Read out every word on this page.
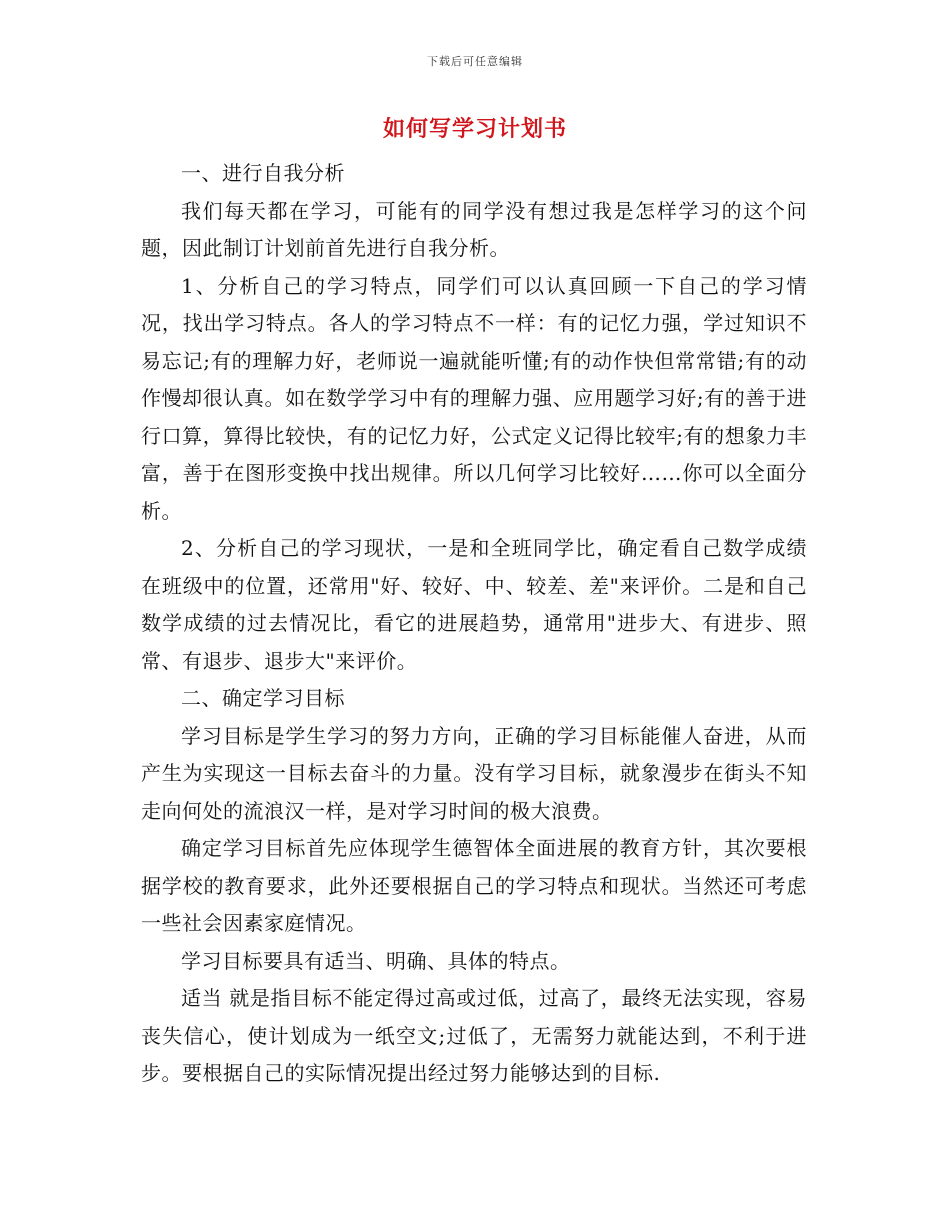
下载后可任意编辑
如何写学习计划书

一、进行自我分析

我们每天都在学习，可能有的同学没有想过我是怎样学习的这个问题，因此制订计划前首先进行自我分析。

1、分析自己的学习特点，同学们可以认真回顾一下自己的学习情况，找出学习特点。各人的学习特点不一样：有的记忆力强，学过知识不易忘记;有的理解力好，老师说一遍就能听懂;有的动作快但常常错;有的动作慢却很认真。如在数学学习中有的理解力强、应用题学习好;有的善于进行口算，算得比较快，有的记忆力好，公式定义记得比较牢;有的想象力丰富，善于在图形变换中找出规律。所以几何学习比较好……你可以全面分析。

2、分析自己的学习现状，一是和全班同学比，确定看自己数学成绩在班级中的位置，还常用"好、较好、中、较差、差"来评价。二是和自己数学成绩的过去情况比，看它的进展趋势，通常用"进步大、有进步、照常、有退步、退步大"来评价。

二、确定学习目标

学习目标是学生学习的努力方向，正确的学习目标能催人奋进，从而产生为实现这一目标去奋斗的力量。没有学习目标，就象漫步在街头不知走向何处的流浪汉一样，是对学习时间的极大浪费。

确定学习目标首先应体现学生德智体全面进展的教育方针，其次要根据学校的教育要求，此外还要根据自己的学习特点和现状。当然还可考虑一些社会因素家庭情况。

学习目标要具有适当、明确、具体的特点。

适当 就是指目标不能定得过高或过低，过高了，最终无法实现，容易丧失信心，使计划成为一纸空文;过低了，无需努力就能达到，不利于进步。要根据自己的实际情况提出经过努力能够达到的目标.
